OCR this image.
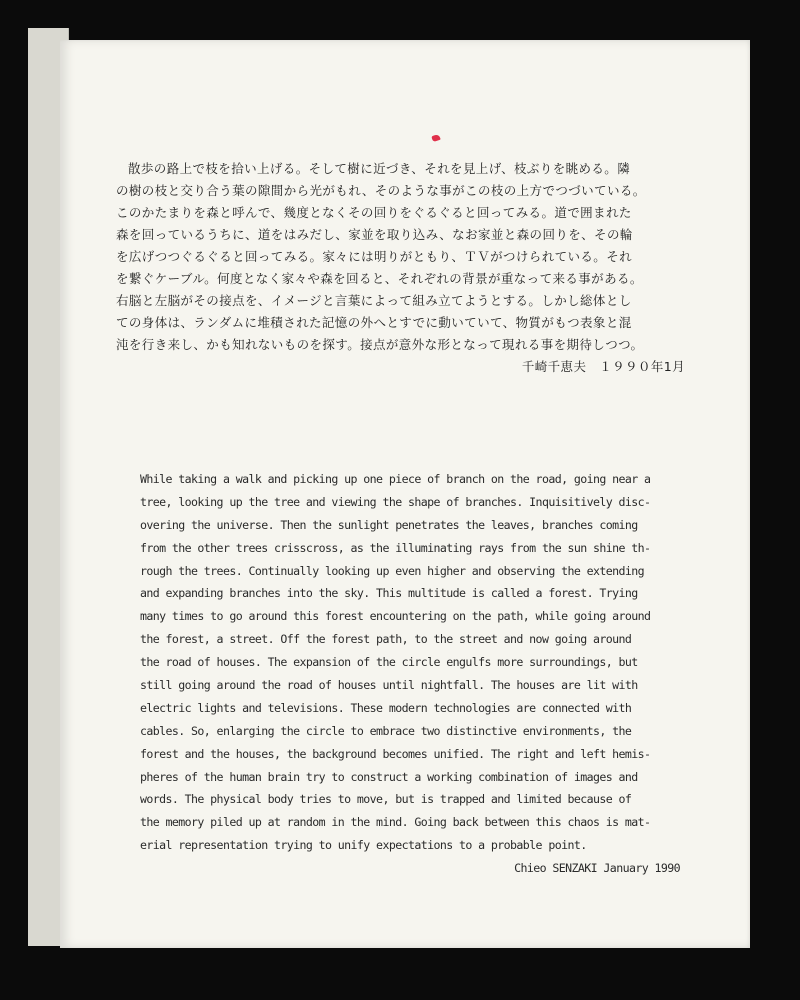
散歩の路上で枝を拾い上げる。そして樹に近づき、それを見上げ、枝ぶりを眺める。隣
の樹の枝と交り合う葉の隙間から光がもれ、そのような事がこの枝の上方でつづいている。
このかたまりを森と呼んで、幾度となくその回りをぐるぐると回ってみる。道で囲まれた
森を回っているうちに、道をはみだし、家並を取り込み、なお家並と森の回りを、その輪
を広げつつぐるぐると回ってみる。家々には明りがともり、ＴＶがつけられている。それ
を繋ぐケーブル。何度となく家々や森を回ると、それぞれの背景が重なって来る事がある。
右脳と左脳がその接点を、イメージと言葉によって組み立てようとする。しかし総体とし
ての身体は、ランダムに堆積された記憶の外へとすでに動いていて、物質がもつ表象と混
沌を行き来し、かも知れないものを探す。接点が意外な形となって現れる事を期待しつつ。
千崎千恵夫　１９９０年1月
While taking a walk and picking up one piece of branch on the road, going near a
tree, looking up the tree and viewing the shape of branches. Inquisitively disc-
overing the universe. Then the sunlight penetrates the leaves, branches coming
from the other trees crisscross, as the illuminating rays from the sun shine th-
rough the trees. Continually looking up even higher and observing the extending
and expanding branches into the sky. This multitude is called a forest. Trying
many times to go around this forest encountering on the path, while going around
the forest, a street. Off the forest path, to the street and now going around
the road of houses. The expansion of the circle engulfs more surroundings, but
still going around the road of houses until nightfall. The houses are lit with
electric lights and televisions. These modern technologies are connected with
cables. So, enlarging the circle to embrace two distinctive environments, the
forest and the houses, the background becomes unified. The right and left hemis-
pheres of the human brain try to construct a working combination of images and
words. The physical body tries to move, but is trapped and limited because of
the memory piled up at random in the mind. Going back between this chaos is mat-
erial representation trying to unify expectations to a probable point.
Chieo SENZAKI January 1990
